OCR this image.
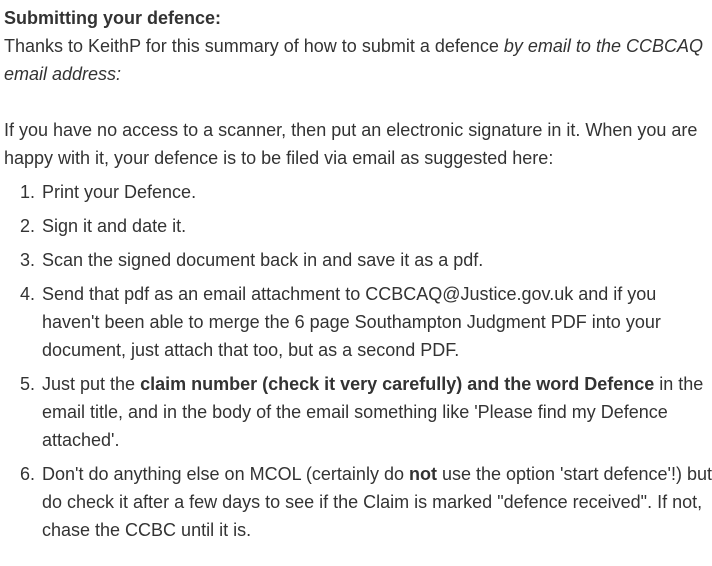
Submitting your defence:

Thanks to KeithP for this summary of how to submit a defence by email to the CCBCAQ email address:

If you have no access to a scanner, then put an electronic signature in it. When you are happy with it, your defence is to be filed via email as suggested here:

Print your Defence.
Sign it and date it.
Scan the signed document back in and save it as a pdf.
Send that pdf as an email attachment to CCBCAQ@Justice.gov.uk and if you haven't been able to merge the 6 page Southampton Judgment PDF into your document, just attach that too, but as a second PDF.
Just put the claim number (check it very carefully) and the word Defence in the email title, and in the body of the email something like 'Please find my Defence attached'.
Don't do anything else on MCOL (certainly do not use the option 'start defence'!) but do check it after a few days to see if the Claim is marked "defence received". If not, chase the CCBC until it is.
